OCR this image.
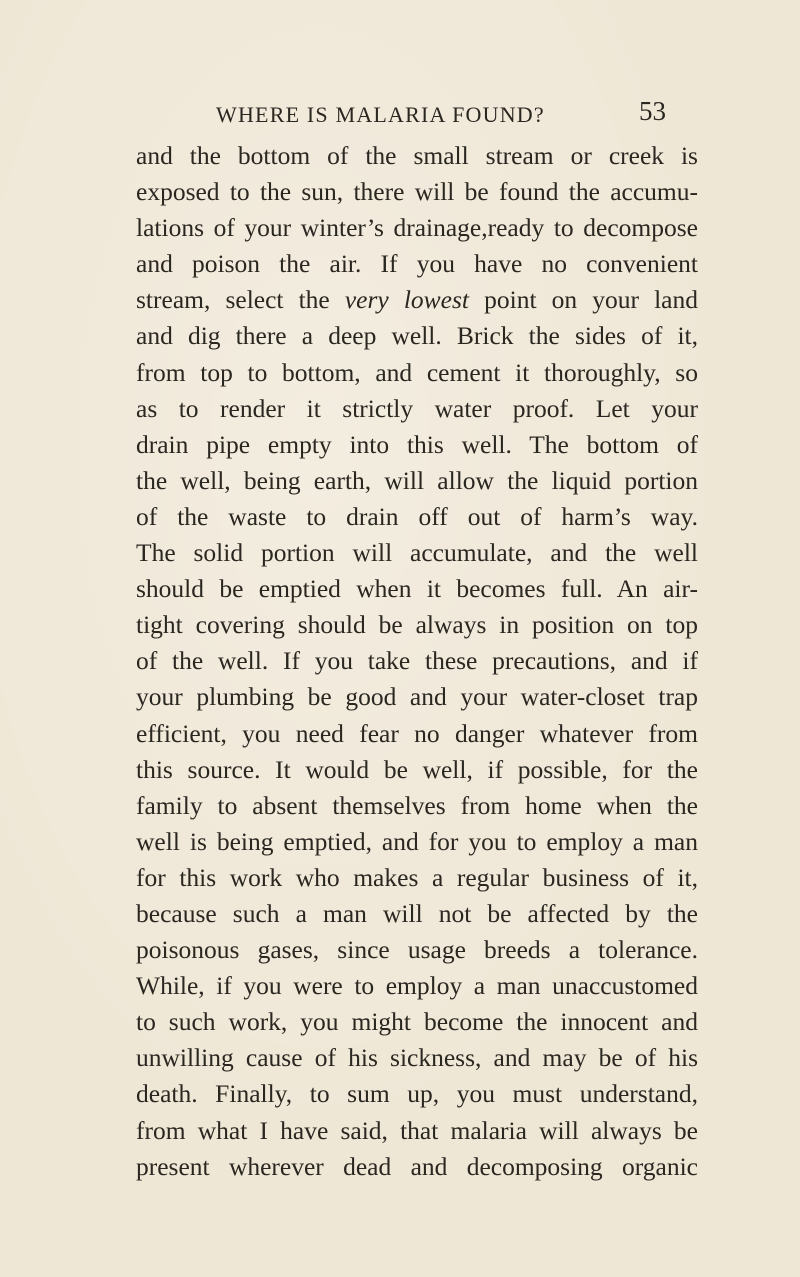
WHERE IS MALARIA FOUND?	53
and the bottom of the small stream or creek is
exposed to the sun, there will be found the accumu-
lations of your winter’s drainage,ready to decompose
and poison the air. If you have no convenient
stream, select the very lowest point on your land
and dig there a deep well. Brick the sides of it,
from top to bottom, and cement it thoroughly, so
as to render it strictly water proof. Let your
drain pipe empty into this well. The bottom of
the well, being earth, will allow the liquid portion
of the waste to drain off out of harm’s way.
The solid portion will accumulate, and the well
should be emptied when it becomes full. An air-
tight covering should be always in position on top
of the well. If you take these precautions, and if
your plumbing be good and your water-closet trap
efficient, you need fear no danger whatever from
this source. It would be well, if possible, for the
family to absent themselves from home when the
well is being emptied, and for you to employ a man
for this work who makes a regular business of it,
because such a man will not be affected by the
poisonous gases, since usage breeds a tolerance.
While, if you were to employ a man unaccustomed
to such work, you might become the innocent and
unwilling cause of his sickness, and may be of his
death. Finally, to sum up, you must understand,
from what I have said, that malaria will always be
present wherever dead and decomposing organic
